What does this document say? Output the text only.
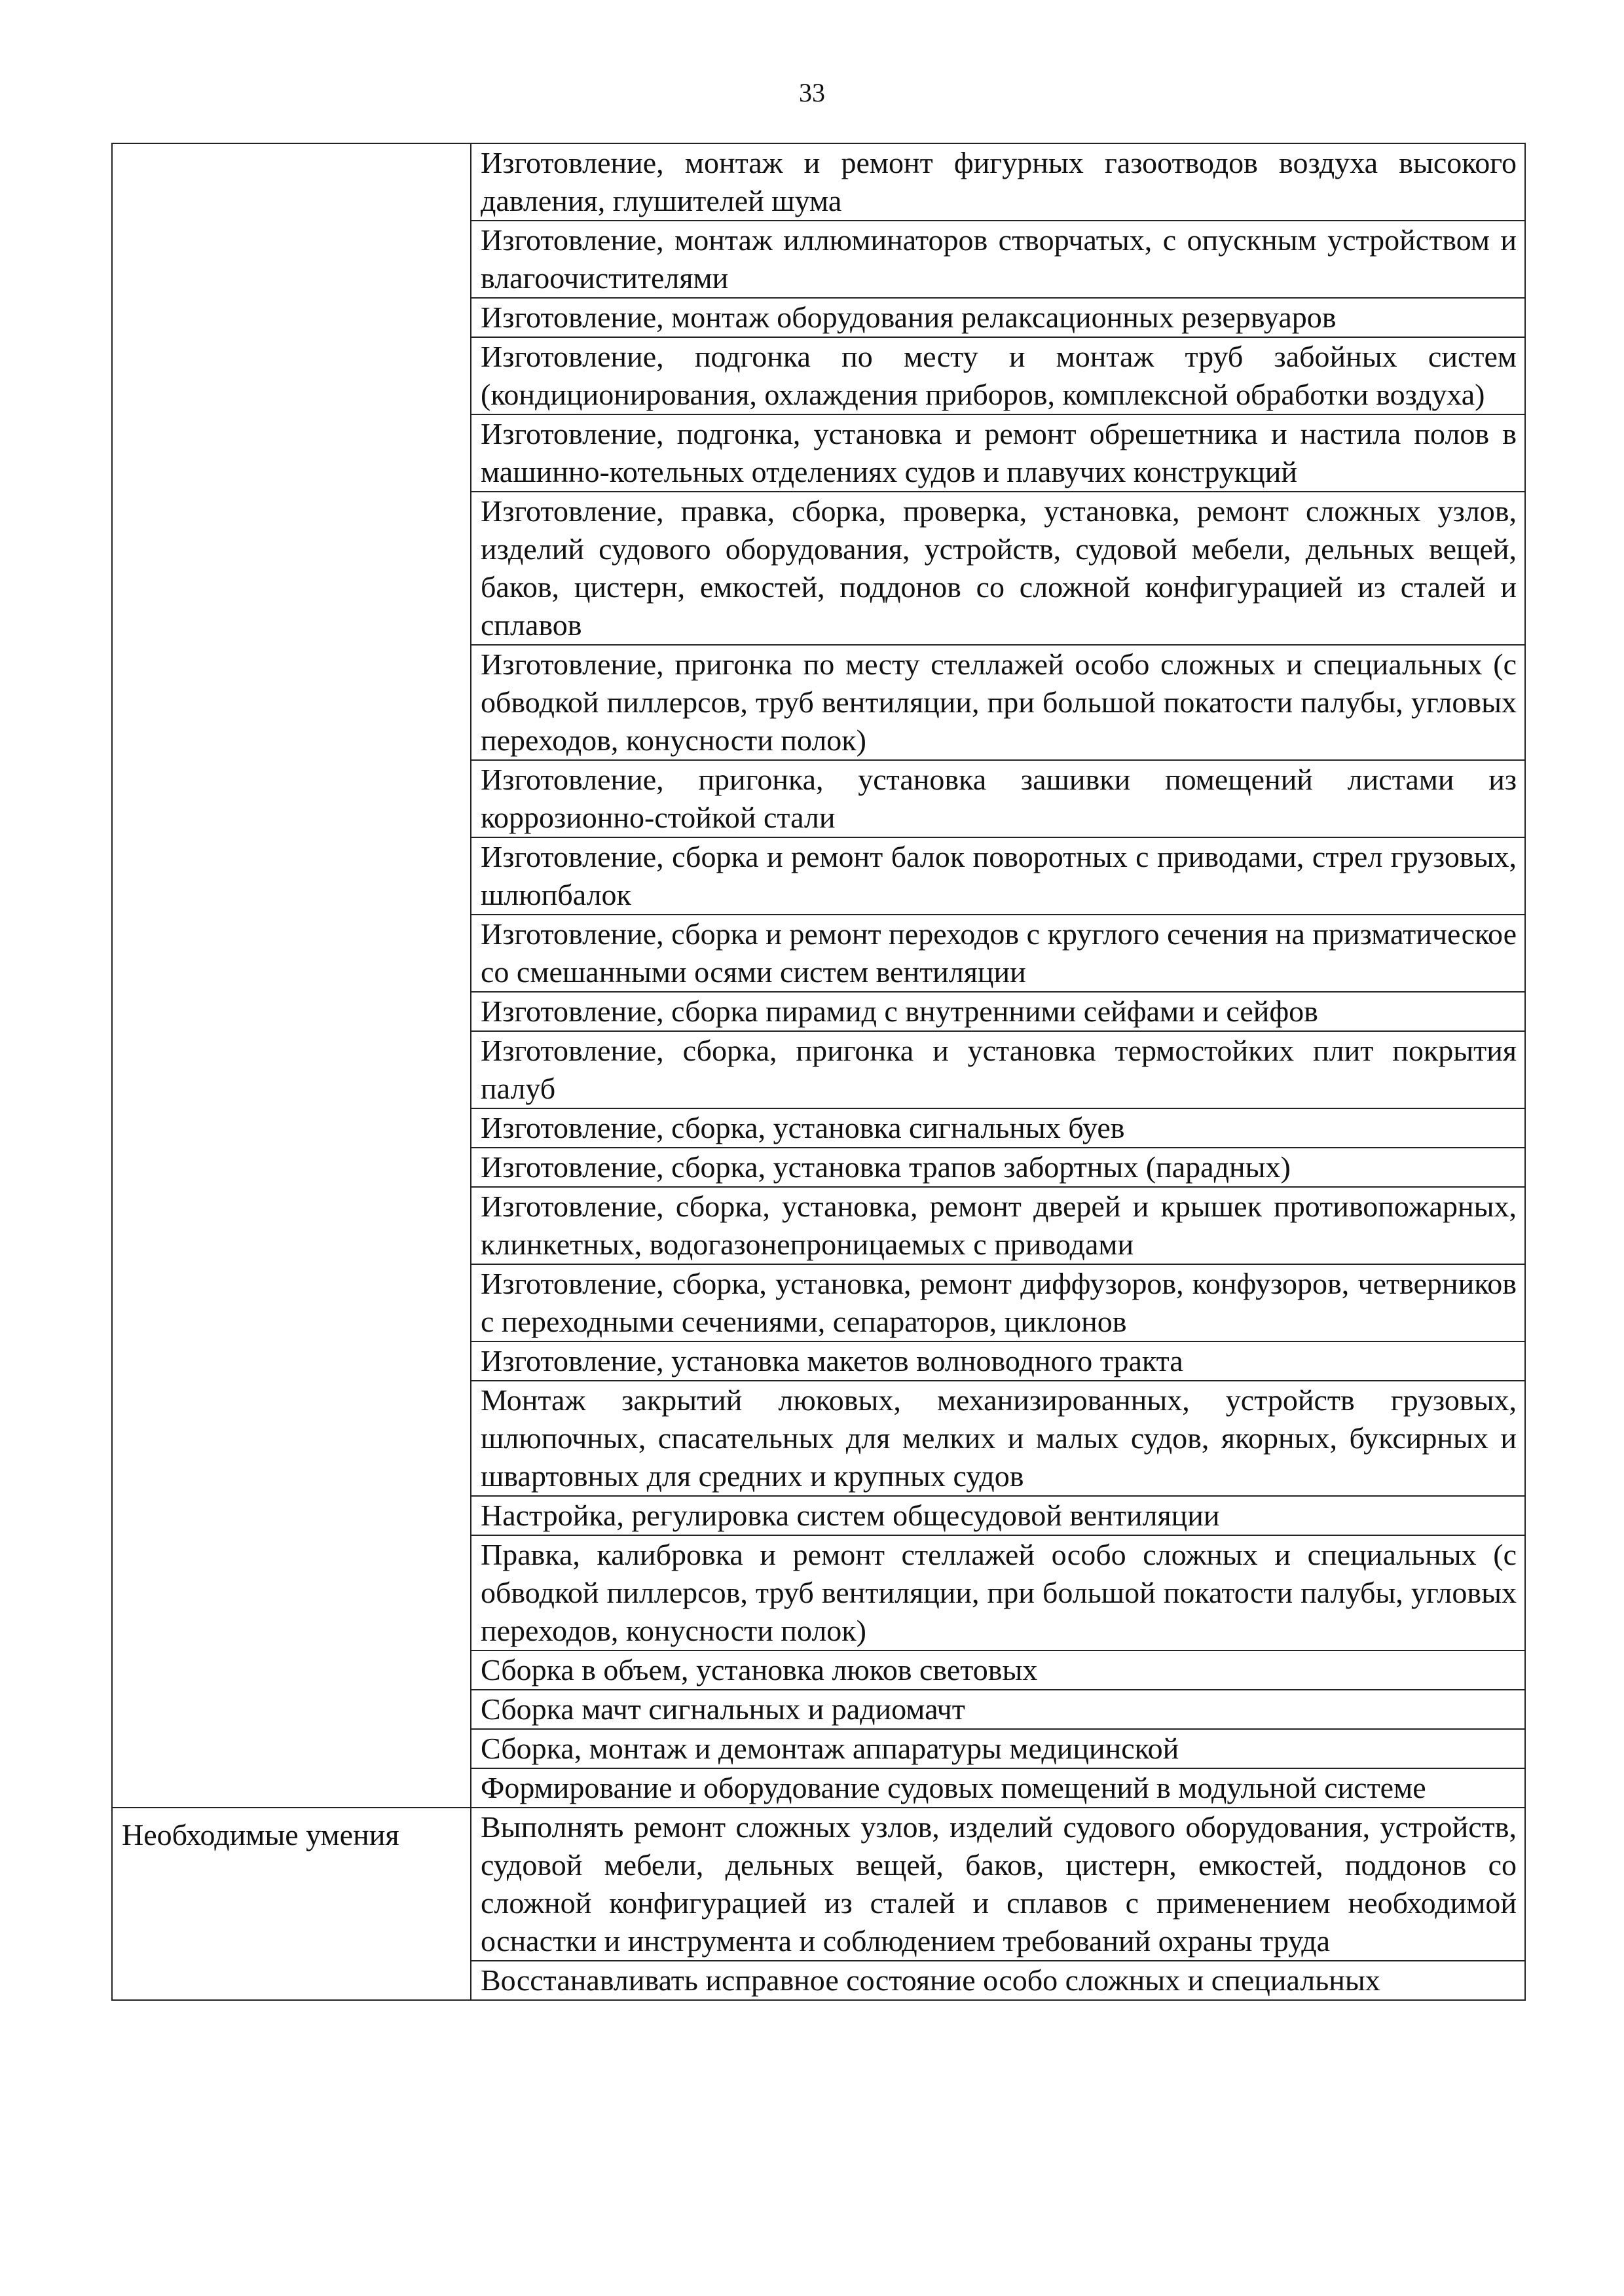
33
	Изготовление, монтаж и ремонт фигурных газоотводов воздуха высокого давления, глушителей шума
	Изготовление, монтаж иллюминаторов створчатых, с опускным устройством и влагоочистителями
	Изготовление, монтаж оборудования релаксационных резервуаров
	Изготовление, подгонка по месту и монтаж труб забойных систем (кондиционирования, охлаждения приборов, комплексной обработки воздуха)
	Изготовление, подгонка, установка и ремонт обрешетника и настила полов в машинно-котельных отделениях судов и плавучих конструкций
	Изготовление, правка, сборка, проверка, установка, ремонт сложных узлов, изделий судового оборудования, устройств, судовой мебели, дельных вещей, баков, цистерн, емкостей, поддонов со сложной конфигурацией из сталей и сплавов
	Изготовление, пригонка по месту стеллажей особо сложных и специальных (с обводкой пиллерсов, труб вентиляции, при большой покатости палубы, угловых переходов, конусности полок)
	Изготовление, пригонка, установка зашивки помещений листами из коррозионно-стойкой стали
	Изготовление, сборка и ремонт балок поворотных с приводами, стрел грузовых, шлюпбалок
	Изготовление, сборка и ремонт переходов с круглого сечения на призматическое со смешанными осями систем вентиляции
	Изготовление, сборка пирамид с внутренними сейфами и сейфов
	Изготовление, сборка, пригонка и установка термостойких плит покрытия палуб
	Изготовление, сборка, установка сигнальных буев
	Изготовление, сборка, установка трапов забортных (парадных)
	Изготовление, сборка, установка, ремонт дверей и крышек противопожарных, клинкетных, водогазонепроницаемых с приводами
	Изготовление, сборка, установка, ремонт диффузоров, конфузоров, четверников с переходными сечениями, сепараторов, циклонов
	Изготовление, установка макетов волноводного тракта
	Монтаж закрытий люковых, механизированных, устройств грузовых, шлюпочных, спасательных для мелких и малых судов, якорных, буксирных и швартовных для средних и крупных судов
	Настройка, регулировка систем общесудовой вентиляции
	Правка, калибровка и ремонт стеллажей особо сложных и специальных (с обводкой пиллерсов, труб вентиляции, при большой покатости палубы, угловых переходов, конусности полок)
	Сборка в объем, установка люков световых
	Сборка мачт сигнальных и радиомачт
	Сборка, монтаж и демонтаж аппаратуры медицинской
	Формирование и оборудование судовых помещений в модульной системе
Необходимые умения	Выполнять ремонт сложных узлов, изделий судового оборудования, устройств, судовой мебели, дельных вещей, баков, цистерн, емкостей, поддонов со сложной конфигурацией из сталей и сплавов с применением необходимой оснастки и инструмента и соблюдением требований охраны труда
	Восстанавливать исправное состояние особо сложных и специальных
